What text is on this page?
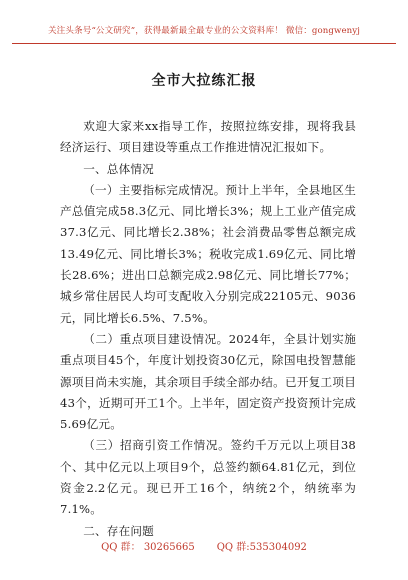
关注头条号“公文研究”，获得最新最全最专业的公文资料库！ 微信：gongwenyj
全市大拉练汇报

欢迎大家来xx指导工作，按照拉练安排，现将我县经济运行、项目建设等重点工作推进情况汇报如下。

一、总体情况

（一）主要指标完成情况。预计上半年，全县地区生产总值完成58.3亿元、同比增长3%；规上工业产值完成37.3亿元、同比增长2.38%；社会消费品零售总额完成13.49亿元、同比增长3%；税收完成1.69亿元、同比增长28.6%；进出口总额完成2.98亿元、同比增长77%；城乡常住居民人均可支配收入分别完成22105元、9036元，同比增长6.5%、7.5%。

（二）重点项目建设情况。2024年，全县计划实施重点项目45个，年度计划投资30亿元，除国电投智慧能源项目尚未实施，其余项目手续全部办结。已开复工项目43个，近期可开工1个。上半年，固定资产投资预计完成5.69亿元。

（三）招商引资工作情况。签约千万元以上项目38个、其中亿元以上项目9个，总签约额64.81亿元，到位资金2.2亿元。现已开工16个，纳统2个，纳统率为7.1%。

二、存在问题

QQ 群： 30265665 QQ 群:535304092
